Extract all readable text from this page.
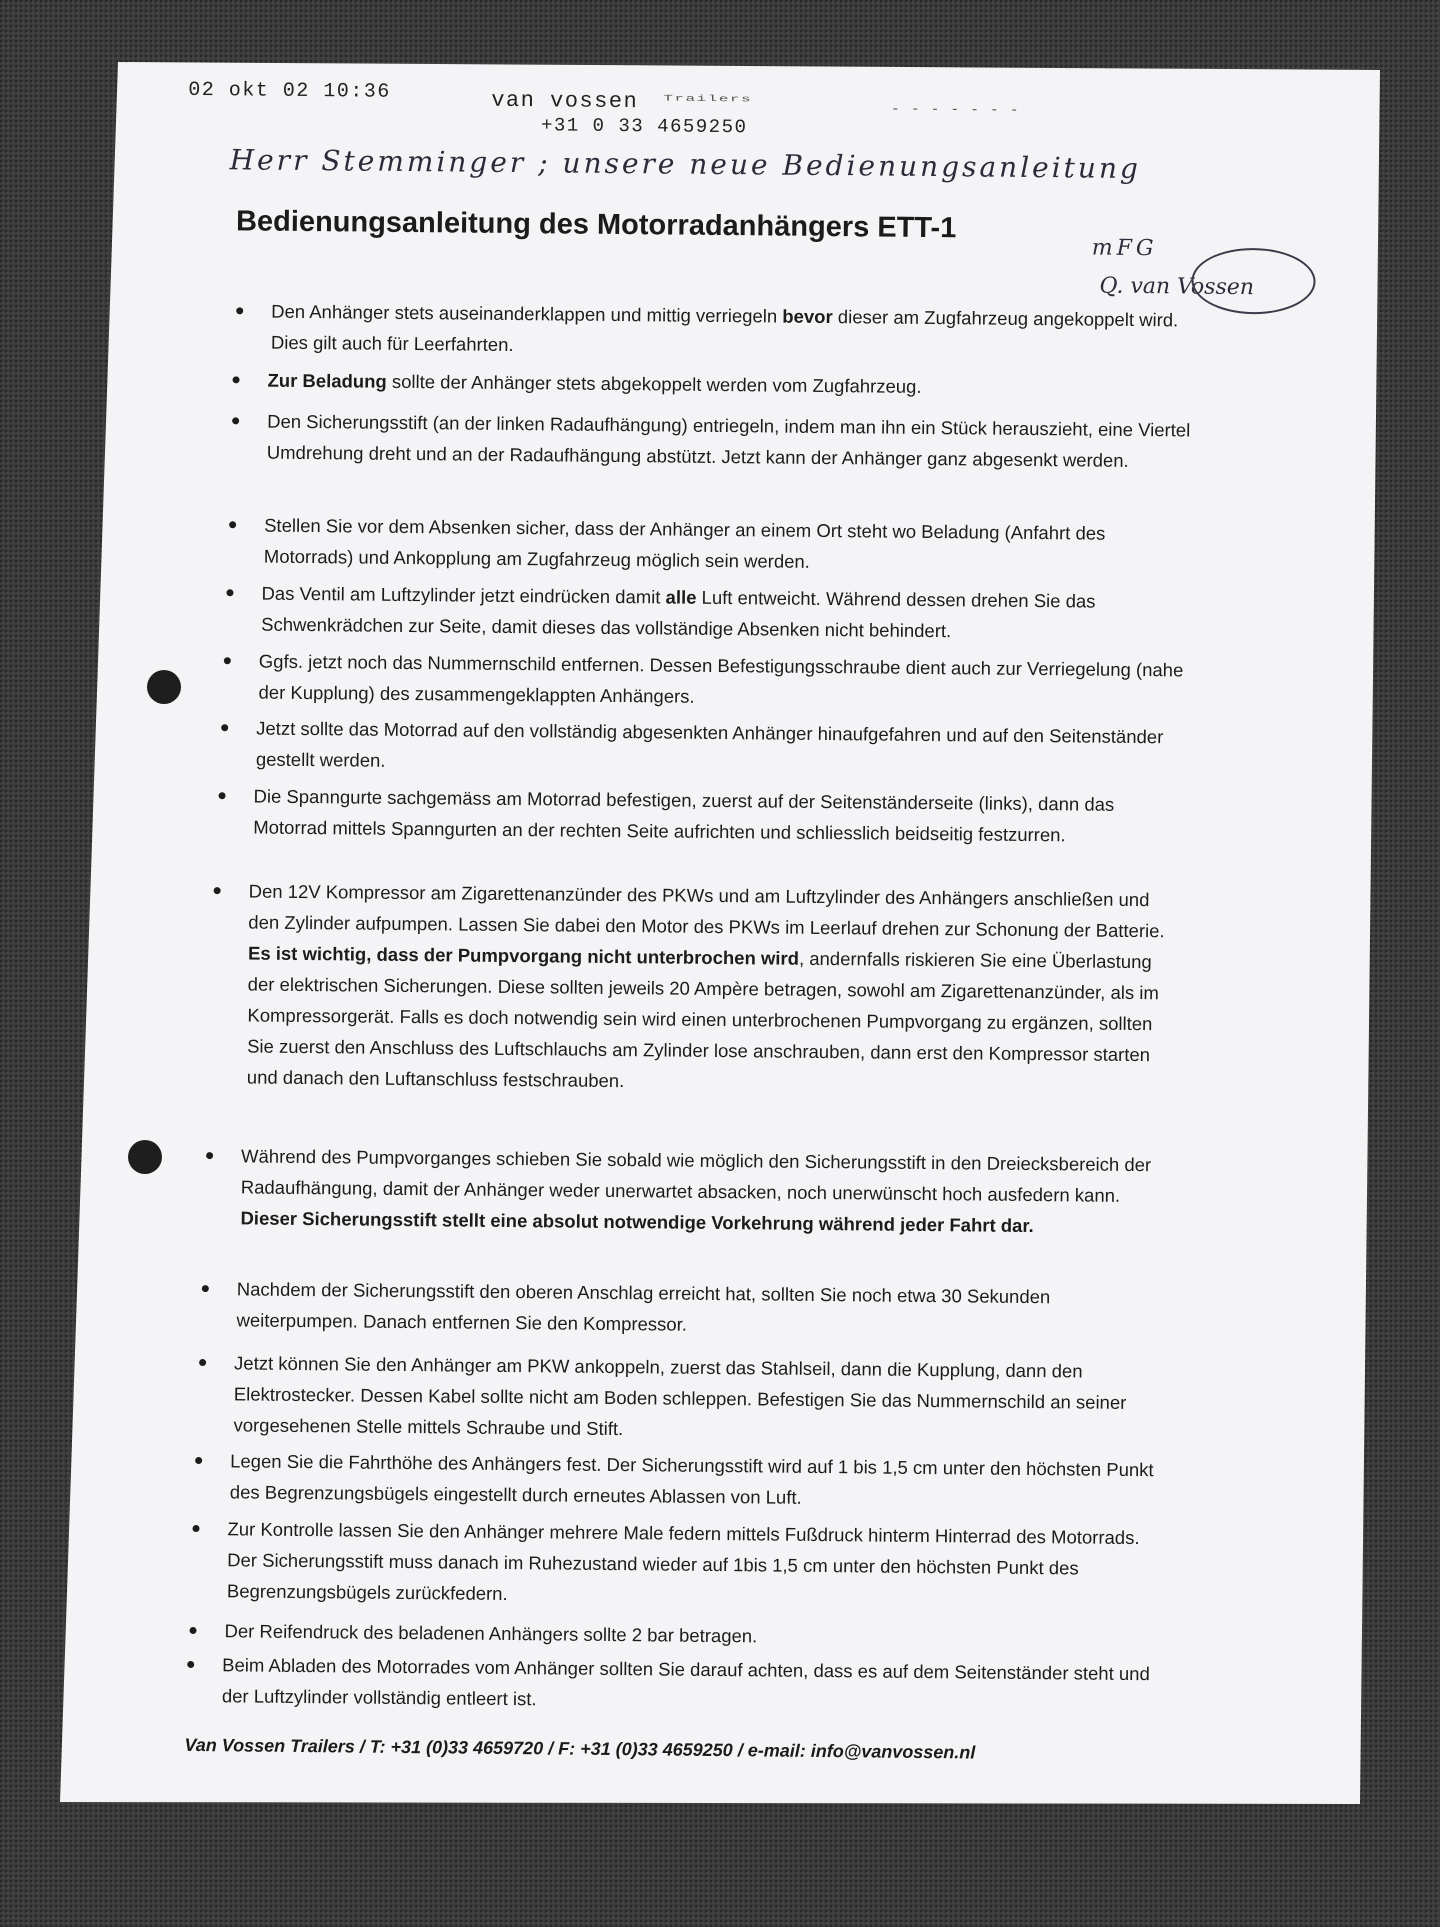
02 okt 02 10:36	van vossen Trailers
+31 0 33 4659250
- - - - - - -
Herr Stemminger ; unsere neue Bedienungsanleitung
mFG
Q. van Vossen
Bedienungsanleitung des Motorradanhängers ETT-1
Den Anhänger stets auseinanderklappen und mittig verriegeln bevor dieser am Zugfahrzeug angekoppelt wird. Dies gilt auch für Leerfahrten.
Zur Beladung sollte der Anhänger stets abgekoppelt werden vom Zugfahrzeug.
Den Sicherungsstift (an der linken Radaufhängung) entriegeln, indem man ihn ein Stück herauszieht, eine Viertel Umdrehung dreht und an der Radaufhängung abstützt. Jetzt kann der Anhänger ganz abgesenkt werden.
Stellen Sie vor dem Absenken sicher, dass der Anhänger an einem Ort steht wo Beladung (Anfahrt des Motorrads) und Ankopplung am Zugfahrzeug möglich sein werden.
Das Ventil am Luftzylinder jetzt eindrücken damit alle Luft entweicht. Während dessen drehen Sie das Schwenkrädchen zur Seite, damit dieses das vollständige Absenken nicht behindert.
Ggfs. jetzt noch das Nummernschild entfernen. Dessen Befestigungsschraube dient auch zur Verriegelung (nahe der Kupplung) des zusammengeklappten Anhängers.
Jetzt sollte das Motorrad auf den vollständig abgesenkten Anhänger hinaufgefahren und auf den Seitenständer gestellt werden.
Die Spanngurte sachgemäss am Motorrad befestigen, zuerst auf der Seitenständerseite (links), dann das Motorrad mittels Spanngurten an der rechten Seite aufrichten und schliesslich beidseitig festzurren.
Den 12V Kompressor am Zigarettenanzünder des PKWs und am Luftzylinder des Anhängers anschließen und den Zylinder aufpumpen. Lassen Sie dabei den Motor des PKWs im Leerlauf drehen zur Schonung der Batterie. Es ist wichtig, dass der Pumpvorgang nicht unterbrochen wird, andernfalls riskieren Sie eine Überlastung der elektrischen Sicherungen. Diese sollten jeweils 20 Ampère betragen, sowohl am Zigarettenanzünder, als im Kompressorgerät. Falls es doch notwendig sein wird einen unterbrochenen Pumpvorgang zu ergänzen, sollten Sie zuerst den Anschluss des Luftschlauchs am Zylinder lose anschrauben, dann erst den Kompressor starten und danach den Luftanschluss festschrauben.
Während des Pumpvorganges schieben Sie sobald wie möglich den Sicherungsstift in den Dreiecksbereich der Radaufhängung, damit der Anhänger weder unerwartet absacken, noch unerwünscht hoch ausfedern kann. Dieser Sicherungsstift stellt eine absolut notwendige Vorkehrung während jeder Fahrt dar.
Nachdem der Sicherungsstift den oberen Anschlag erreicht hat, sollten Sie noch etwa 30 Sekunden weiterpumpen. Danach entfernen Sie den Kompressor.
Jetzt können Sie den Anhänger am PKW ankoppeln, zuerst das Stahlseil, dann die Kupplung, dann den Elektrostecker. Dessen Kabel sollte nicht am Boden schleppen. Befestigen Sie das Nummernschild an seiner vorgesehenen Stelle mittels Schraube und Stift.
Legen Sie die Fahrthöhe des Anhängers fest. Der Sicherungsstift wird auf 1 bis 1,5 cm unter den höchsten Punkt des Begrenzungsbügels eingestellt durch erneutes Ablassen von Luft.
Zur Kontrolle lassen Sie den Anhänger mehrere Male federn mittels Fußdruck hinterm Hinterrad des Motorrads. Der Sicherungsstift muss danach im Ruhezustand wieder auf 1bis 1,5 cm unter den höchsten Punkt des Begrenzungsbügels zurückfedern.
Der Reifendruck des beladenen Anhängers sollte 2 bar betragen.
Beim Abladen des Motorrades vom Anhänger sollten Sie darauf achten, dass es auf dem Seitenständer steht und der Luftzylinder vollständig entleert ist.
Van Vossen Trailers / T: +31 (0)33 4659720 / F: +31 (0)33 4659250 / e-mail: info@vanvossen.nl
